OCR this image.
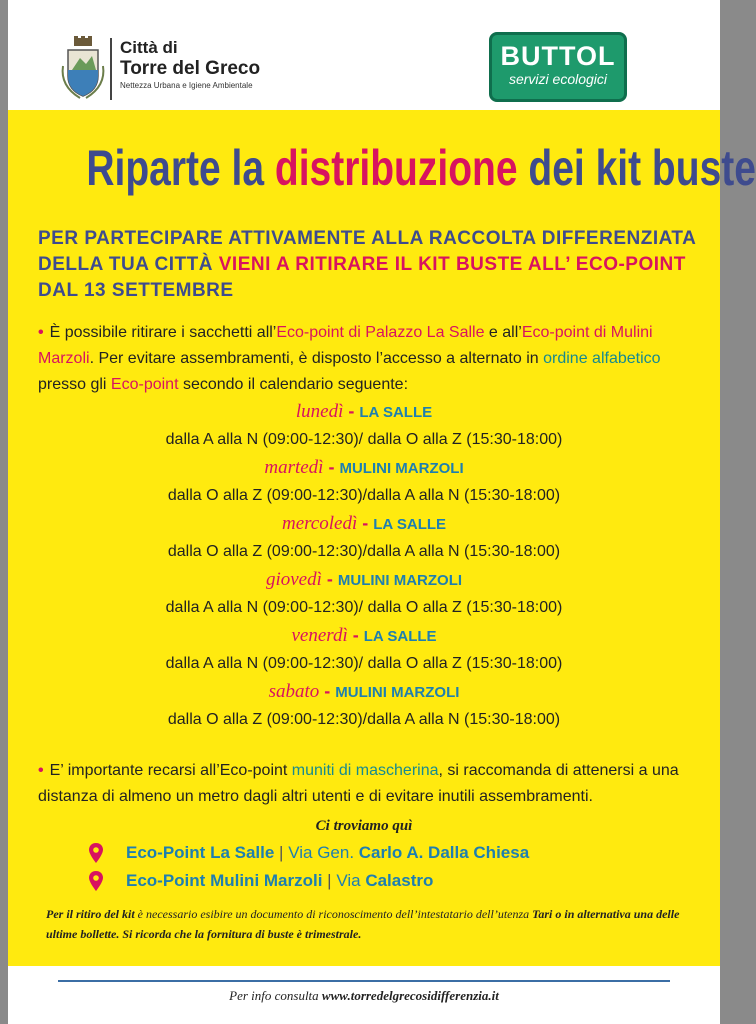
Città di
Torre del Greco
Nettezza Urbana e Igiene Ambientale
BUTTOL
servizi ecologici
Riparte la distribuzione dei kit buste
PER PARTECIPARE ATTIVAMENTE ALLA RACCOLTA DIFFERENZIATA DELLA TUA CITTÀ VIENI A RITIRARE IL KIT BUSTE ALL’ ECO-POINT DAL 13 SETTEMBRE
• È possibile ritirare i sacchetti all’Eco-point di Palazzo La Salle e all’Eco-point di Mulini Marzoli. Per evitare assembramenti, è disposto l’accesso a alternato in ordine alfabetico presso gli Eco-point secondo il calendario seguente:
lunedì - LA SALLE
dalla A alla N (09:00-12:30)/ dalla O alla Z (15:30-18:00)
martedì - MULINI MARZOLI
dalla O alla Z (09:00-12:30)/dalla A alla N (15:30-18:00)
mercoledì - LA SALLE
dalla O alla Z (09:00-12:30)/dalla A alla N (15:30-18:00)
giovedì - MULINI MARZOLI
dalla A alla N (09:00-12:30)/ dalla O alla Z (15:30-18:00)
venerdì - LA SALLE
dalla A alla N (09:00-12:30)/ dalla O alla Z (15:30-18:00)
sabato - MULINI MARZOLI
dalla O alla Z (09:00-12:30)/dalla A alla N (15:30-18:00)
• E’ importante recarsi all’Eco-point muniti di mascherina, si raccomanda di attenersi a una distanza di almeno un metro dagli altri utenti e di evitare inutili assembramenti.
Ci troviamo quì
Eco-Point La Salle | Via Gen. Carlo A. Dalla Chiesa
Eco-Point Mulini Marzoli | Via Calastro
Per il ritiro del kit è necessario esibire un documento di riconoscimento dell’intestatario dell’utenza Tari o in alternativa una delle ultime bollette. Si ricorda che la fornitura di buste è trimestrale.
Per info consulta www.torredelgrecosidifferenzia.it
